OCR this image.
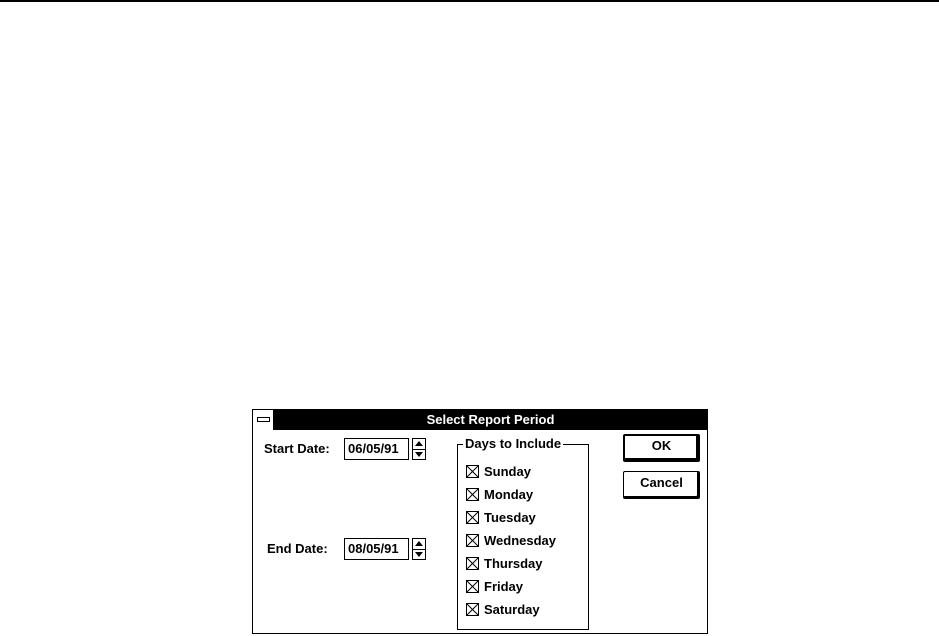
Select Report Period
Start Date:	06/05/91
End Date:	08/05/91
Days to Include
Sunday
Monday
Tuesday
Wednesday
Thursday
Friday
Saturday
OK
Cancel
